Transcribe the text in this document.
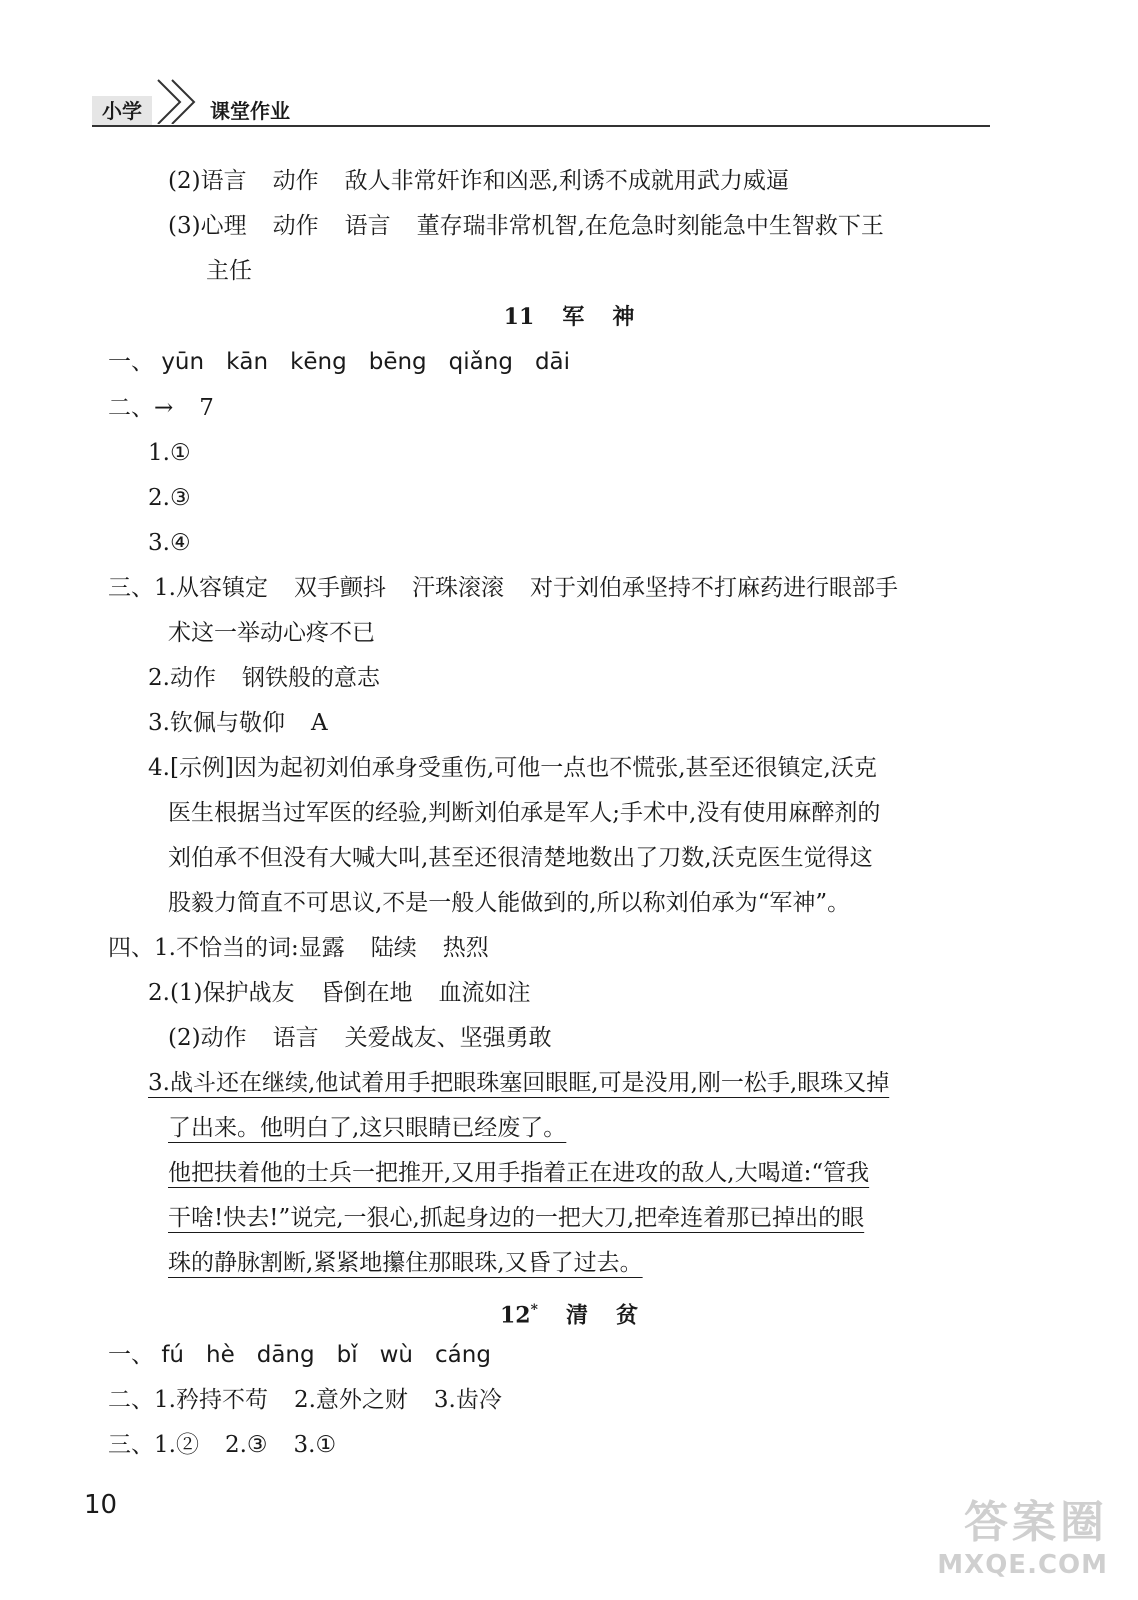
小学	课堂作业
(2)语言 动作 敌人非常奸诈和凶恶,利诱不成就用武力威逼
(3)心理 动作 语言 董存瑞非常机智,在危急时刻能急中生智救下王
主任
11 军 神
一、 yūn kān kēng bēng qiǎng dāi
二、→ 7
1.①
2.③
3.④
三、1.从容镇定 双手颤抖 汗珠滚滚 对于刘伯承坚持不打麻药进行眼部手
术这一举动心疼不已
2.动作 钢铁般的意志
3.钦佩与敬仰 A
4.[示例]因为起初刘伯承身受重伤,可他一点也不慌张,甚至还很镇定,沃克
医生根据当过军医的经验,判断刘伯承是军人;手术中,没有使用麻醉剂的
刘伯承不但没有大喊大叫,甚至还很清楚地数出了刀数,沃克医生觉得这
股毅力简直不可思议,不是一般人能做到的,所以称刘伯承为“军神”。
四、1.不恰当的词:显露 陆续 热烈
2.(1)保护战友 昏倒在地 血流如注
(2)动作 语言 关爱战友、坚强勇敢
3.战斗还在继续,他试着用手把眼珠塞回眼眶,可是没用,刚一松手,眼珠又掉
了出来。他明白了,这只眼睛已经废了。
他把扶着他的士兵一把推开,又用手指着正在进攻的敌人,大喝道:“管我
干啥!快去!”说完,一狠心,抓起身边的一把大刀,把牵连着那已掉出的眼
珠的静脉割断,紧紧地攥住那眼珠,又昏了过去。
12* 清 贫
一、 fú hè dāng bǐ wù cáng
二、1.矜持不苟 2.意外之财 3.齿冷
三、1.② 2.③ 3.①
10	答案圈
MXQE.COM
